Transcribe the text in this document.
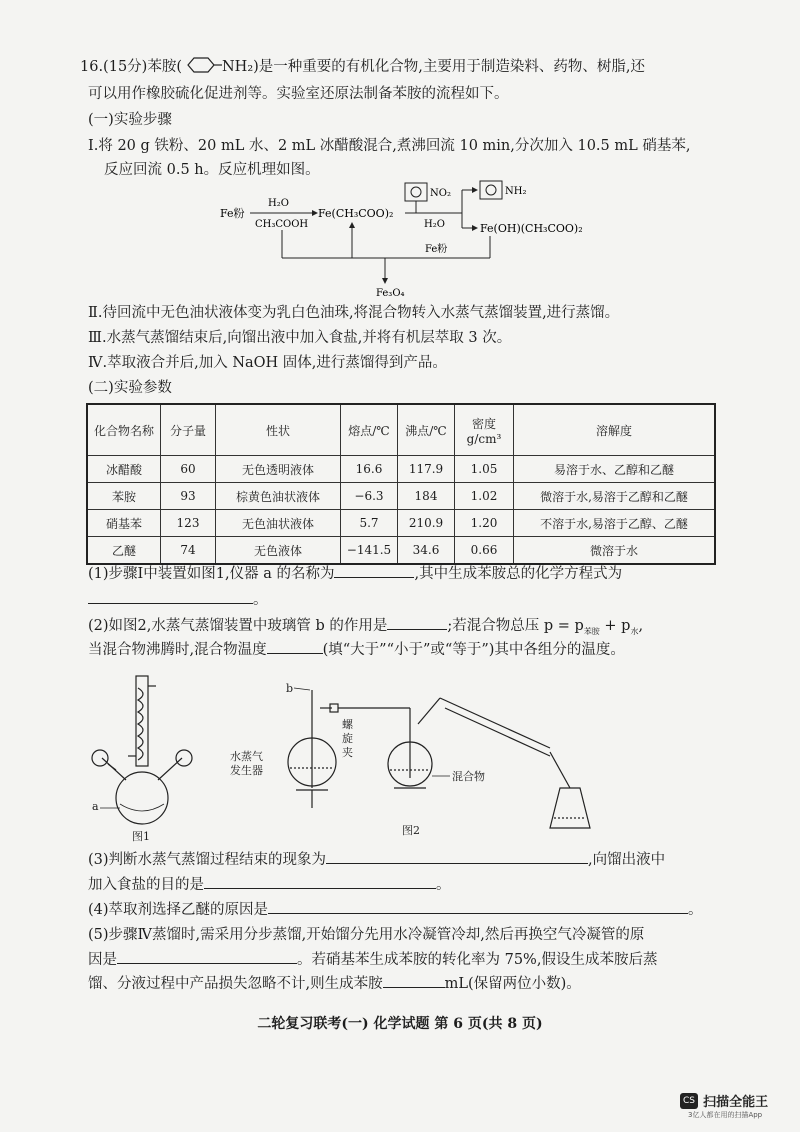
16.(15分)苯胺(	NH₂)是一种重要的有机化合物,主要用于制造染料、药物、树脂,还
可以用作橡胶硫化促进剂等。实验室还原法制备苯胺的流程如下。
(一)实验步骤
Ⅰ.将 20 g 铁粉、20 mL 水、2 mL 冰醋酸混合,煮沸回流 10 min,分次加入 10.5 mL 硝基苯,
反应回流 0.5 h。反应机理如图。
Fe粉
H₂O
CH₃COOH
Fe(CH₃COO)₂
H₂O
NO₂	NH₂
Fe(OH)(CH₃COO)₂
Fe粉
Fe₃O₄
Ⅱ.待回流中无色油状液体变为乳白色油珠,将混合物转入水蒸气蒸馏装置,进行蒸馏。
Ⅲ.水蒸气蒸馏结束后,向馏出液中加入食盐,并将有机层萃取 3 次。
Ⅳ.萃取液合并后,加入 NaOH 固体,进行蒸馏得到产品。
(二)实验参数
化合物名称	分子量	性状	熔点/℃	沸点/℃	密度 g/cm³	溶解度
冰醋酸	60	无色透明液体	16.6	117.9	1.05	易溶于水、乙醇和乙醚
苯胺	93	棕黄色油状液体	−6.3	184	1.02	微溶于水,易溶于乙醇和乙醚
硝基苯	123	无色油状液体	5.7	210.9	1.20	不溶于水,易溶于乙醇、乙醚
乙醚	74	无色液体	−141.5	34.6	0.66	微溶于水
(1)步骤Ⅰ中装置如图1,仪器 a 的名称为	,其中生成苯胺总的化学方程式为
。
(2)如图2,水蒸气蒸馏装置中玻璃管 b 的作用是	;若混合物总压 $p = p_{苯胺} + p_水$,
当混合物沸腾时,混合物温度	(填“大于”“小于”或“等于”)其中各组分的温度。
a
图1
b
螺
旋
夹
水蒸气
发生器	混合物
图2
(3)判断水蒸气蒸馏过程结束的现象为	,向馏出液中
加入食盐的目的是	。
(4)萃取剂选择乙醚的原因是	。
(5)步骤Ⅳ蒸馏时,需采用分步蒸馏,开始馏分先用水冷凝管冷却,然后再换空气冷凝管的原
因是	。若硝基苯生成苯胺的转化率为 75%,假设生成苯胺后蒸
馏、分液过程中产品损失忽略不计,则生成苯胺	mL(保留两位小数)。
二轮复习联考(一) 化学试题 第 6 页(共 8 页)
CS 扫描全能王
3亿人都在用的扫描App
